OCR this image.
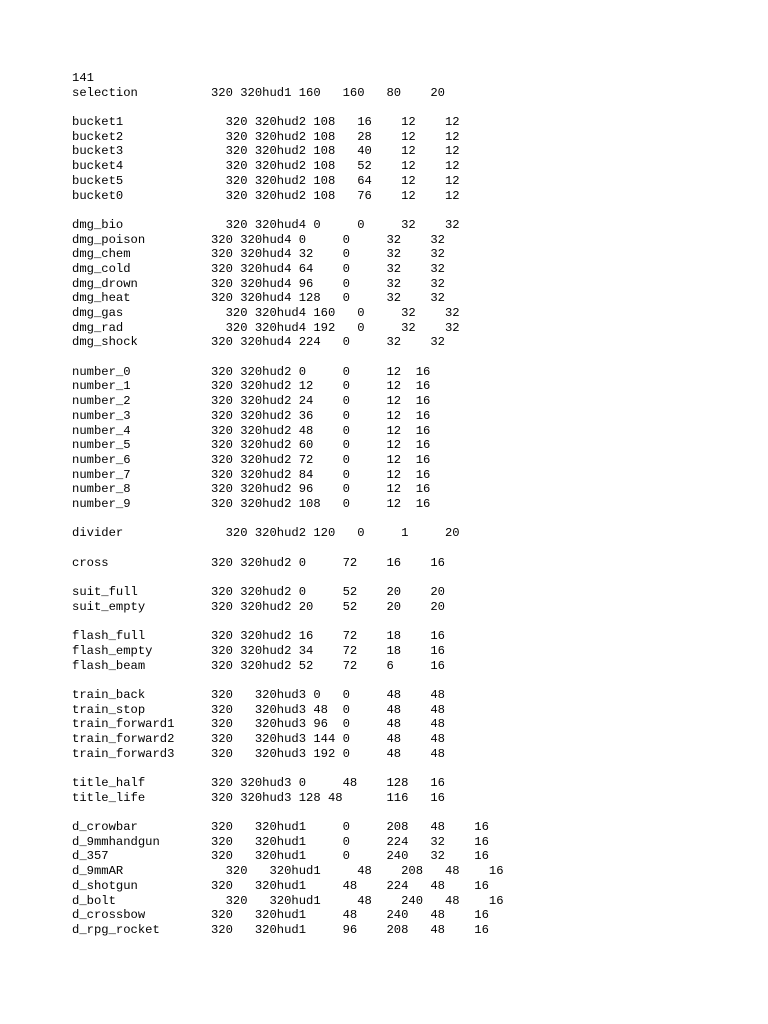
141
selection          320 320hud1 160   160   80    20
bucket1              320 320hud2 108   16    12    12
bucket2              320 320hud2 108   28    12    12
bucket3              320 320hud2 108   40    12    12
bucket4              320 320hud2 108   52    12    12
bucket5              320 320hud2 108   64    12    12
bucket0              320 320hud2 108   76    12    12
dmg_bio              320 320hud4 0     0     32    32
dmg_poison         320 320hud4 0     0     32    32
dmg_chem           320 320hud4 32    0     32    32
dmg_cold           320 320hud4 64    0     32    32
dmg_drown          320 320hud4 96    0     32    32
dmg_heat           320 320hud4 128   0     32    32
dmg_gas              320 320hud4 160   0     32    32
dmg_rad              320 320hud4 192   0     32    32
dmg_shock          320 320hud4 224   0     32    32
number_0           320 320hud2 0     0     12  16
number_1           320 320hud2 12    0     12  16
number_2           320 320hud2 24    0     12  16
number_3           320 320hud2 36    0     12  16
number_4           320 320hud2 48    0     12  16
number_5           320 320hud2 60    0     12  16
number_6           320 320hud2 72    0     12  16
number_7           320 320hud2 84    0     12  16
number_8           320 320hud2 96    0     12  16
number_9           320 320hud2 108   0     12  16
divider              320 320hud2 120   0     1     20
cross              320 320hud2 0     72    16    16
suit_full          320 320hud2 0     52    20    20
suit_empty         320 320hud2 20    52    20    20
flash_full         320 320hud2 16    72    18    16
flash_empty        320 320hud2 34    72    18    16
flash_beam         320 320hud2 52    72    6     16
train_back         320   320hud3 0   0     48    48
train_stop         320   320hud3 48  0     48    48
train_forward1     320   320hud3 96  0     48    48
train_forward2     320   320hud3 144 0     48    48
train_forward3     320   320hud3 192 0     48    48
title_half         320 320hud3 0     48    128   16
title_life         320 320hud3 128 48      116   16
d_crowbar          320   320hud1     0     208   48    16
d_9mmhandgun       320   320hud1     0     224   32    16
d_357              320   320hud1     0     240   32    16
d_9mmAR              320   320hud1     48    208   48    16
d_shotgun          320   320hud1     48    224   48    16
d_bolt               320   320hud1     48    240   48    16
d_crossbow         320   320hud1     48    240   48    16
d_rpg_rocket       320   320hud1     96    208   48    16
